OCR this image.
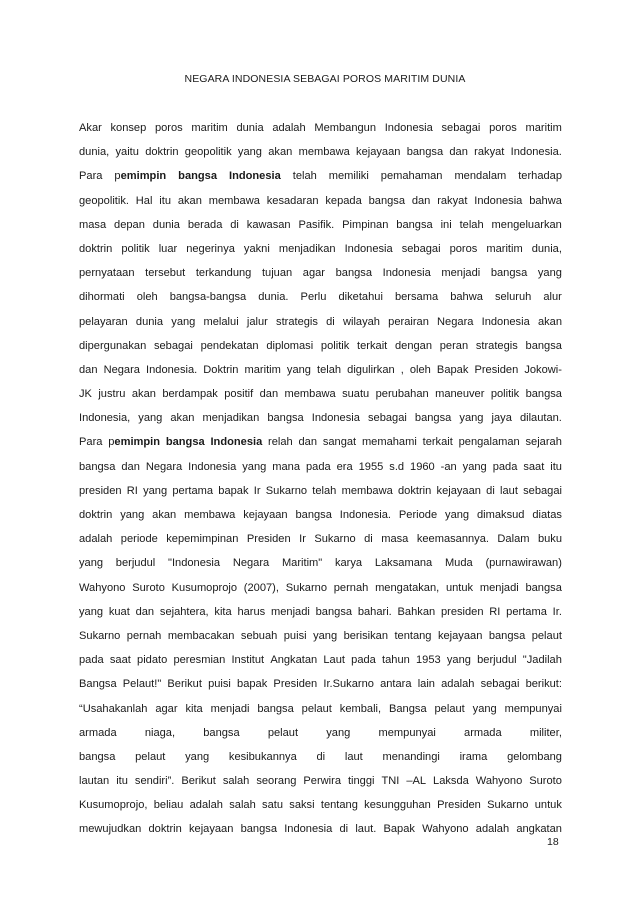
NEGARA INDONESIA SEBAGAI POROS MARITIM DUNIA
Akar konsep poros maritim dunia adalah Membangun Indonesia sebagai poros maritim
dunia, yaitu doktrin geopolitik yang akan membawa kejayaan bangsa dan rakyat Indonesia.
Para pemimpin bangsa Indonesia telah memiliki pemahaman mendalam terhadap
geopolitik. Hal itu akan membawa kesadaran kepada bangsa dan rakyat Indonesia bahwa
masa depan dunia berada di kawasan Pasifik. Pimpinan bangsa ini telah mengeluarkan
doktrin politik luar negerinya yakni menjadikan Indonesia sebagai poros maritim dunia,
pernyataan tersebut terkandung tujuan agar bangsa Indonesia menjadi bangsa yang
dihormati oleh bangsa-bangsa dunia. Perlu diketahui bersama bahwa seluruh alur
pelayaran dunia yang melalui jalur strategis di wilayah perairan Negara Indonesia akan
dipergunakan sebagai pendekatan diplomasi politik terkait dengan peran strategis bangsa
dan Negara Indonesia. Doktrin maritim yang telah digulirkan , oleh Bapak Presiden Jokowi-
JK justru akan berdampak positif dan membawa suatu perubahan maneuver politik bangsa
Indonesia, yang akan menjadikan bangsa Indonesia sebagai bangsa yang jaya dilautan.
Para pemimpin bangsa Indonesia relah dan sangat memahami terkait pengalaman sejarah
bangsa dan Negara Indonesia yang mana pada era 1955 s.d 1960 -an yang pada saat itu
presiden RI yang pertama bapak Ir Sukarno telah membawa doktrin kejayaan di laut sebagai
doktrin yang akan membawa kejayaan bangsa Indonesia. Periode yang dimaksud diatas
adalah periode kepemimpinan Presiden Ir Sukarno di masa keemasannya. Dalam buku
yang berjudul "Indonesia Negara Maritim" karya Laksamana Muda (purnawirawan)
Wahyono Suroto Kusumoprojo (2007), Sukarno pernah mengatakan, untuk menjadi bangsa
yang kuat dan sejahtera, kita harus menjadi bangsa bahari. Bahkan presiden RI pertama Ir.
Sukarno pernah membacakan sebuah puisi yang berisikan tentang kejayaan bangsa pelaut
pada saat pidato peresmian Institut Angkatan Laut pada tahun 1953 yang berjudul "Jadilah
Bangsa Pelaut!" Berikut puisi bapak Presiden Ir.Sukarno antara lain adalah sebagai berikut:
“Usahakanlah agar kita menjadi bangsa pelaut kembali, Bangsa pelaut yang mempunyai
armada	niaga,	bangsa	pelaut	yang	mempunyai	armada	militer,
bangsa pelaut yang kesibukannya di laut menandingi irama gelombang
lautan itu sendiri”. Berikut salah seorang Perwira tinggi TNI –AL Laksda Wahyono Suroto
Kusumoprojo, beliau adalah salah satu saksi tentang kesungguhan Presiden Sukarno untuk
mewujudkan doktrin kejayaan bangsa Indonesia di laut. Bapak Wahyono adalah angkatan
18
